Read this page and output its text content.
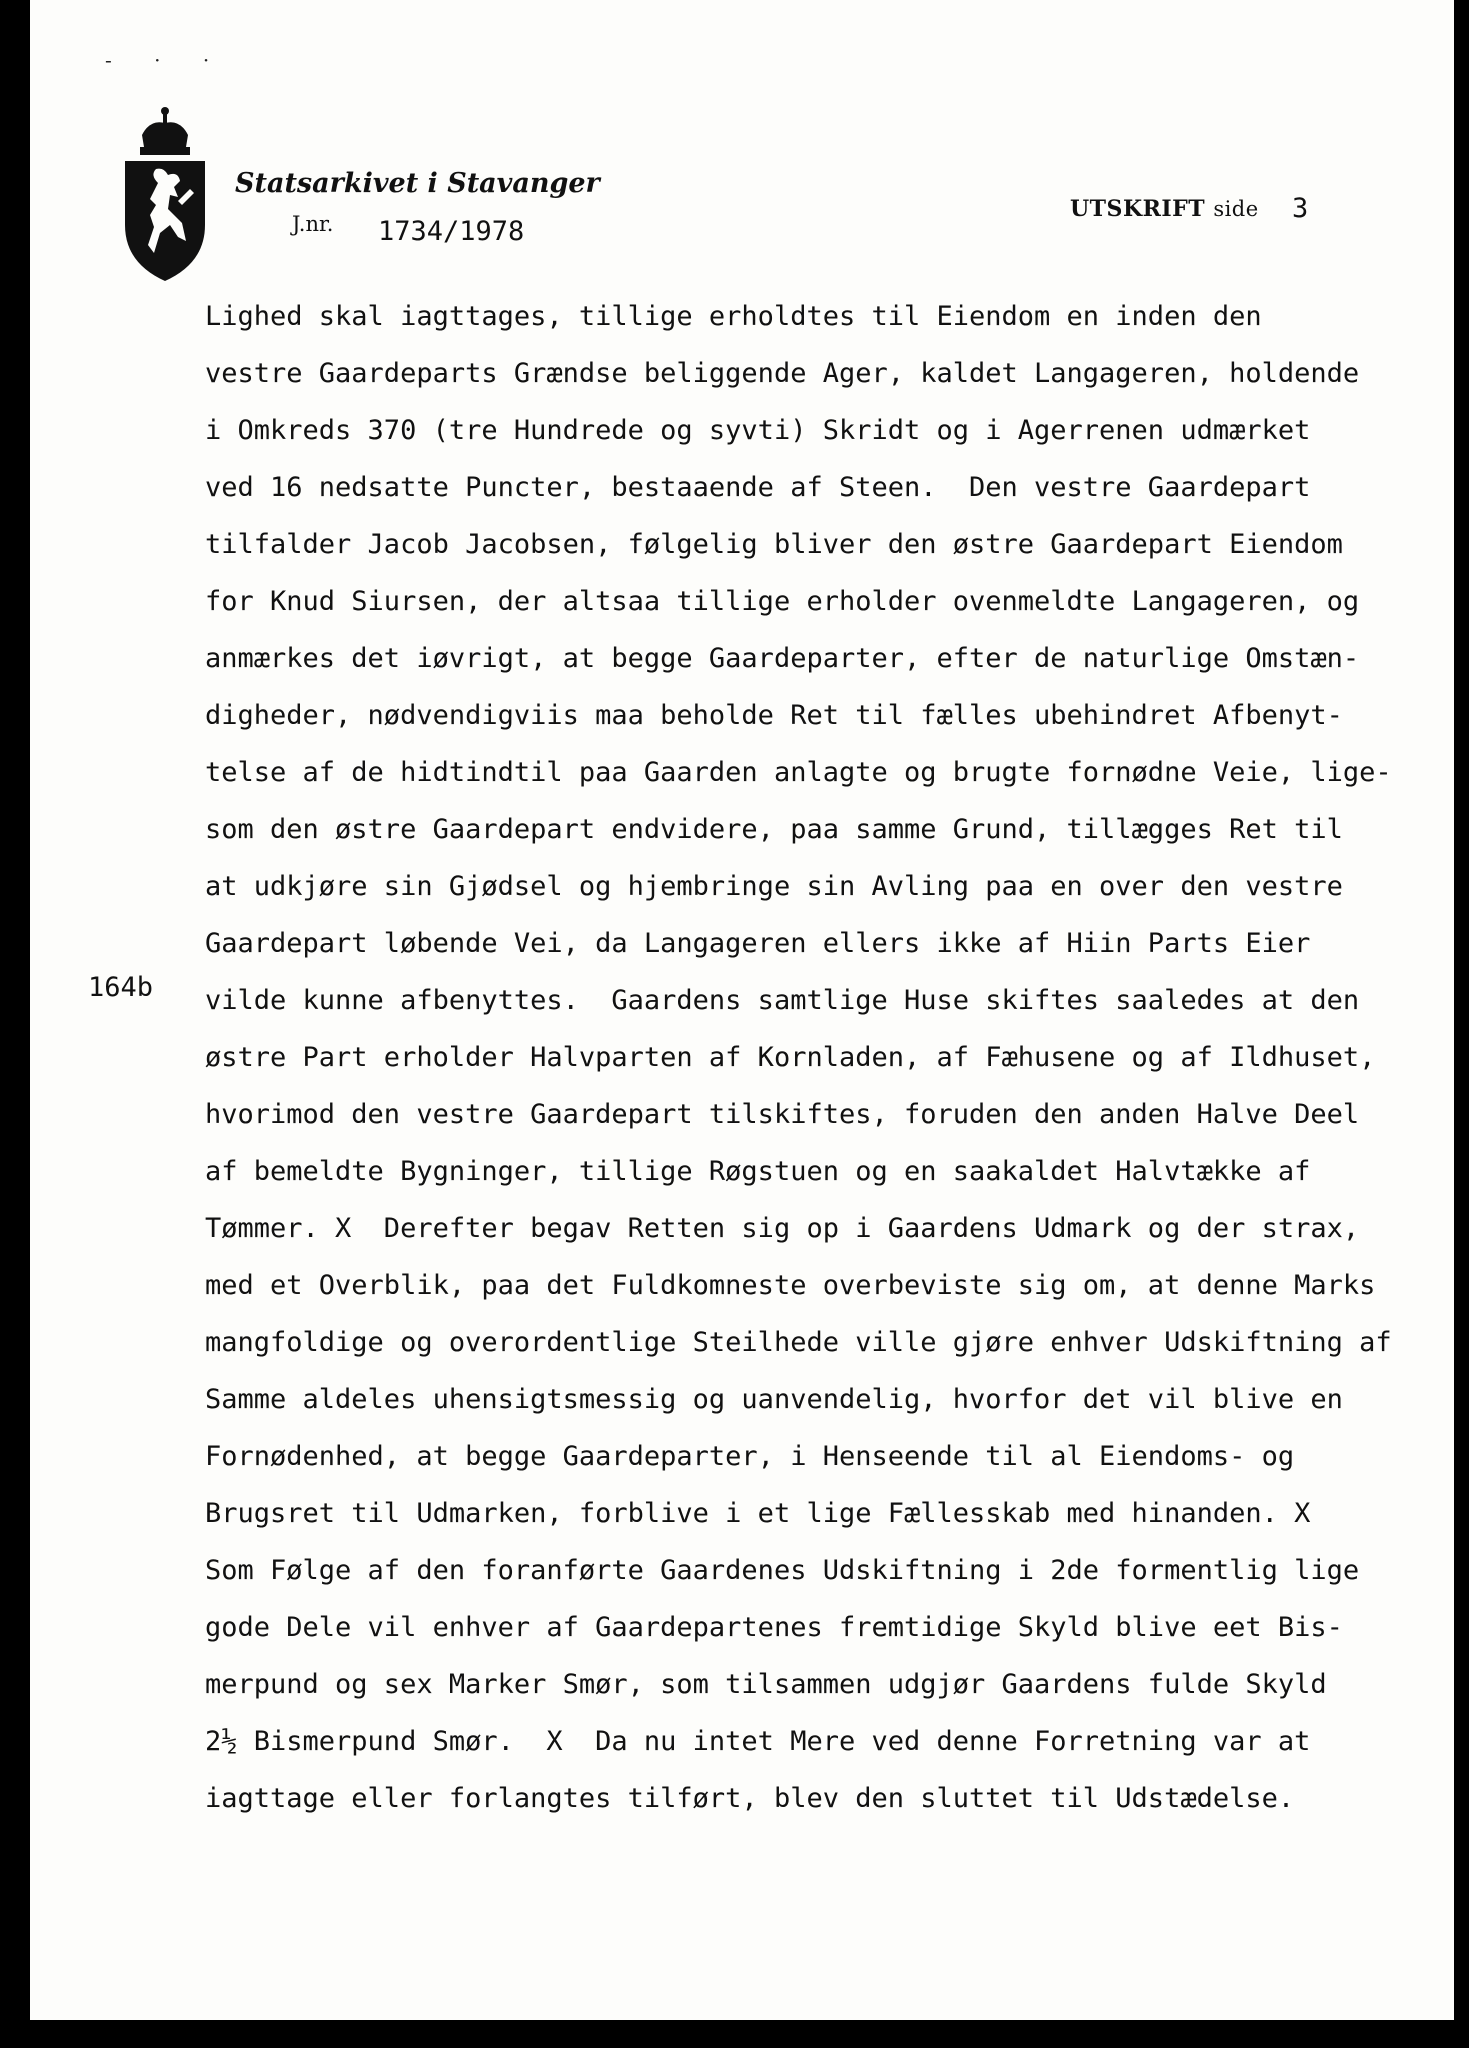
- · ·
Statsarkivet i Stavanger
J.nr. 1734/1978
UTSKRIFT side 3
164b
Lighed skal iagttages, tillige erholdtes til Eiendom en inden den
vestre Gaardeparts Grændse beliggende Ager, kaldet Langageren, holdende
i Omkreds 370 (tre Hundrede og syvti) Skridt og i Agerrenen udmærket
ved 16 nedsatte Puncter, bestaaende af Steen.  Den vestre Gaardepart
tilfalder Jacob Jacobsen, følgelig bliver den østre Gaardepart Eiendom
for Knud Siursen, der altsaa tillige erholder ovenmeldte Langageren, og
anmærkes det iøvrigt, at begge Gaardeparter, efter de naturlige Omstæn-
digheder, nødvendigviis maa beholde Ret til fælles ubehindret Afbenyt-
telse af de hidtindtil paa Gaarden anlagte og brugte fornødne Veie, lige-
som den østre Gaardepart endvidere, paa samme Grund, tillægges Ret til
at udkjøre sin Gjødsel og hjembringe sin Avling paa en over den vestre
Gaardepart løbende Vei, da Langageren ellers ikke af Hiin Parts Eier
vilde kunne afbenyttes.  Gaardens samtlige Huse skiftes saaledes at den
østre Part erholder Halvparten af Kornladen, af Fæhusene og af Ildhuset,
hvorimod den vestre Gaardepart tilskiftes, foruden den anden Halve Deel
af bemeldte Bygninger, tillige Røgstuen og en saakaldet Halvtække af
Tømmer. X  Derefter begav Retten sig op i Gaardens Udmark og der strax,
med et Overblik, paa det Fuldkomneste overbeviste sig om, at denne Marks
mangfoldige og overordentlige Steilhede ville gjøre enhver Udskiftning af
Samme aldeles uhensigtsmessig og uanvendelig, hvorfor det vil blive en
Fornødenhed, at begge Gaardeparter, i Henseende til al Eiendoms- og
Brugsret til Udmarken, forblive i et lige Fællesskab med hinanden. X
Som Følge af den foranførte Gaardenes Udskiftning i 2de formentlig lige
gode Dele vil enhver af Gaardepartenes fremtidige Skyld blive eet Bis-
merpund og sex Marker Smør, som tilsammen udgjør Gaardens fulde Skyld
2½ Bismerpund Smør.  X  Da nu intet Mere ved denne Forretning var at
iagttage eller forlangtes tilført, blev den sluttet til Udstædelse.
